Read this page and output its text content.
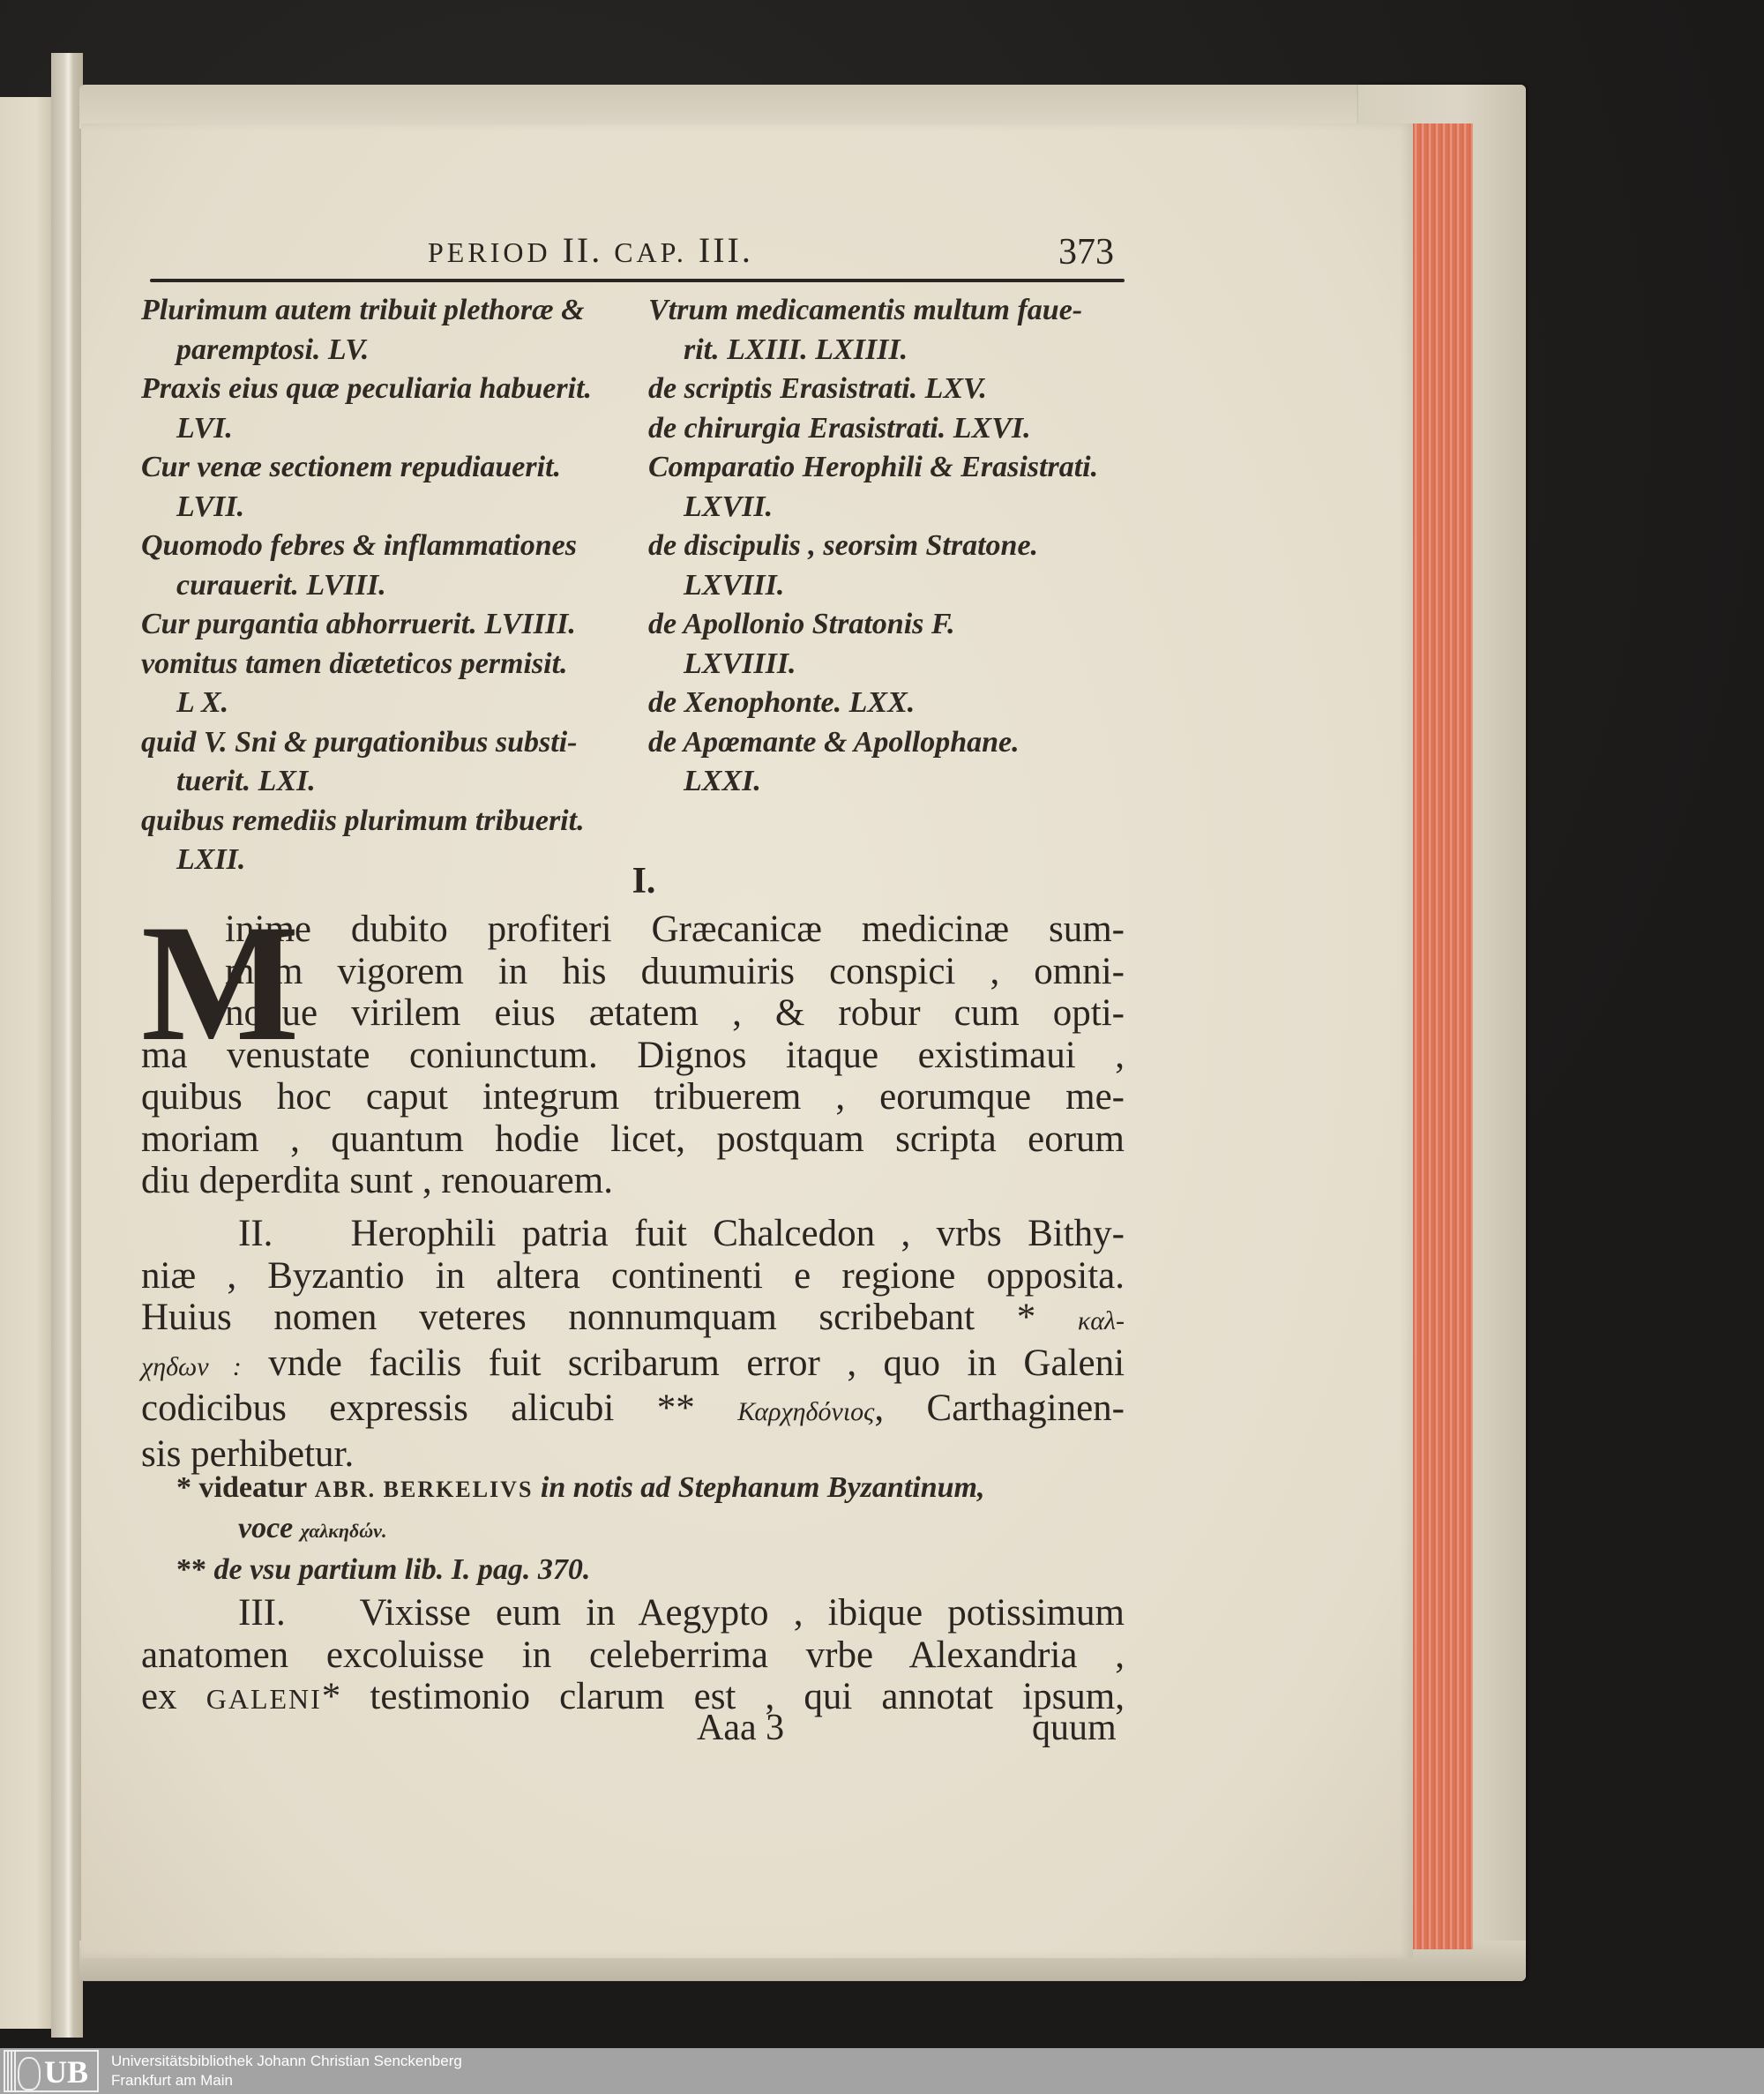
PERIOD II. CAP. III.	373
Plurimum autem tribuit plethoræ &
paremptosi. LV.
Praxis eius quæ peculiaria habuerit.
LVI.
Cur venæ sectionem repudiauerit.
LVII.
Quomodo febres & inflammationes
curauerit. LVIII.
Cur purgantia abhorruerit. LVIIII.
vomitus tamen diæteticos permisit.
L X.
quid V. Sni & purgationibus substi-
tuerit. LXI.
quibus remediis plurimum tribuerit.
LXII.
Vtrum medicamentis multum faue-
rit. LXIII. LXIIII.
de scriptis Erasistrati. LXV.
de chirurgia Erasistrati. LXVI.
Comparatio Herophili & Erasistrati.
LXVII.
de discipulis , seorsim Stratone.
LXVIII.
de Apollonio Stratonis F.
LXVIIII.
de Xenophonte. LXX.
de Apœmante & Apollophane.
LXXI.
I.
M
inime dubito profiteri Græcanicæ medicinæ sum-
mum vigorem in his duumuiris conspici , omni-
noque virilem eius ætatem , & robur cum opti-
ma venustate coniunctum. Dignos itaque existimaui ,
quibus hoc caput integrum tribuerem , eorumque me-
moriam , quantum hodie licet, postquam scripta eorum
diu deperdita sunt , renouarem.
II. Herophili patria fuit Chalcedon , vrbs Bithy-
niæ , Byzantio in altera continenti e regione opposita.
Huius nomen veteres nonnumquam scribebant * καλ-
χηδων : vnde facilis fuit scribarum error , quo in Galeni
codicibus expressis alicubi ** Καρχηδόνιος, Carthaginen-
sis perhibetur.
* videatur ABR. BERKELIVS in notis ad Stephanum Byzantinum,
voce χαλκηδών.
** de vsu partium lib. I. pag. 370.
III. Vixisse eum in Aegypto , ibique potissimum
anatomen excoluisse in celeberrima vrbe Alexandria ,
ex GALENI* testimonio clarum est , qui annotat ipsum,
Aaa 3	quum
UB Universitätsbibliothek Johann Christian Senckenberg
Frankfurt am Main
